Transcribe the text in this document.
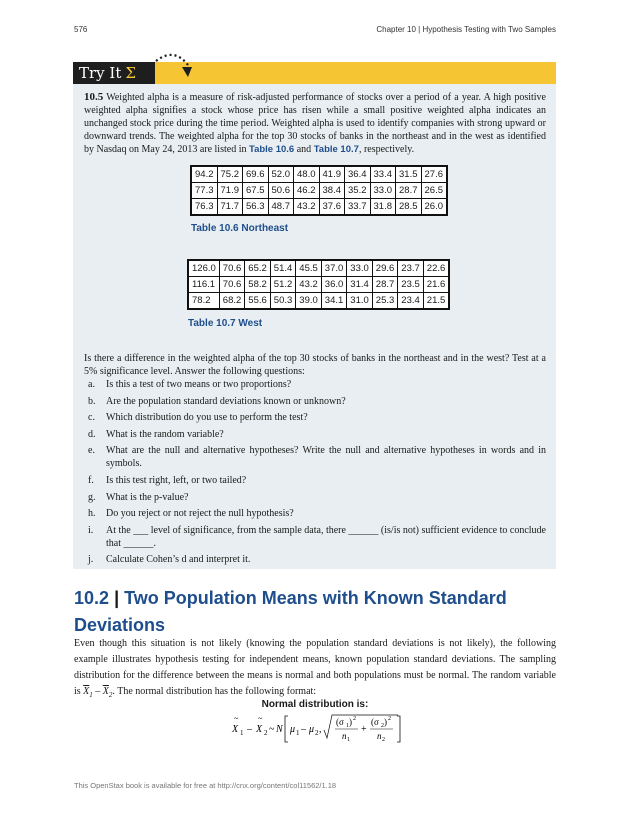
576	Chapter 10 | Hypothesis Testing with Two Samples
Try It Σ
10.5 Weighted alpha is a measure of risk-adjusted performance of stocks over a period of a year. A high positive weighted alpha signifies a stock whose price has risen while a small positive weighted alpha indicates an unchanged stock price during the time period. Weighted alpha is used to identify companies with strong upward or downward trends. The weighted alpha for the top 30 stocks of banks in the northeast and in the west as identified by Nasdaq on May 24, 2013 are listed in Table 10.6 and Table 10.7, respectively.
94.2	75.2	69.6	52.0	48.0	41.9	36.4	33.4	31.5	27.6
77.3	71.9	67.5	50.6	46.2	38.4	35.2	33.0	28.7	26.5
76.3	71.7	56.3	48.7	43.2	37.6	33.7	31.8	28.5	26.0
Table 10.6 Northeast
126.0	70.6	65.2	51.4	45.5	37.0	33.0	29.6	23.7	22.6
116.1	70.6	58.2	51.2	43.2	36.0	31.4	28.7	23.5	21.6
78.2	68.2	55.6	50.3	39.0	34.1	31.0	25.3	23.4	21.5
Table 10.7 West
Is there a difference in the weighted alpha of the top 30 stocks of banks in the northeast and in the west? Test at a 5% significance level. Answer the following questions:
a. Is this a test of two means or two proportions?
b. Are the population standard deviations known or unknown?
c. Which distribution do you use to perform the test?
d. What is the random variable?
e. What are the null and alternative hypotheses? Write the null and alternative hypotheses in words and in symbols.
f. Is this test right, left, or two tailed?
g. What is the p-value?
h. Do you reject or not reject the null hypothesis?
i. At the ___ level of significance, from the sample data, there ______ (is/is not) sufficient evidence to conclude that ______.
j. Calculate Cohen’s d and interpret it.
10.2 | Two Population Means with Known Standard Deviations
Even though this situation is not likely (knowing the population standard deviations is not likely), the following example illustrates hypothesis testing for independent means, known population standard deviations. The sampling distribution for the difference between the means is normal and both populations must be normal. The random variable is $\overline{X}_1 - \overline{X}_2$. The normal distribution has the following format:
Normal distribution is:
X
~
1 – X
~
2 ~ N μ 1 – μ 2 ,
(σ 1 ) 2
n 1
+
(σ 2 ) 2
n 2
This OpenStax book is available for free at http://cnx.org/content/col11562/1.18
